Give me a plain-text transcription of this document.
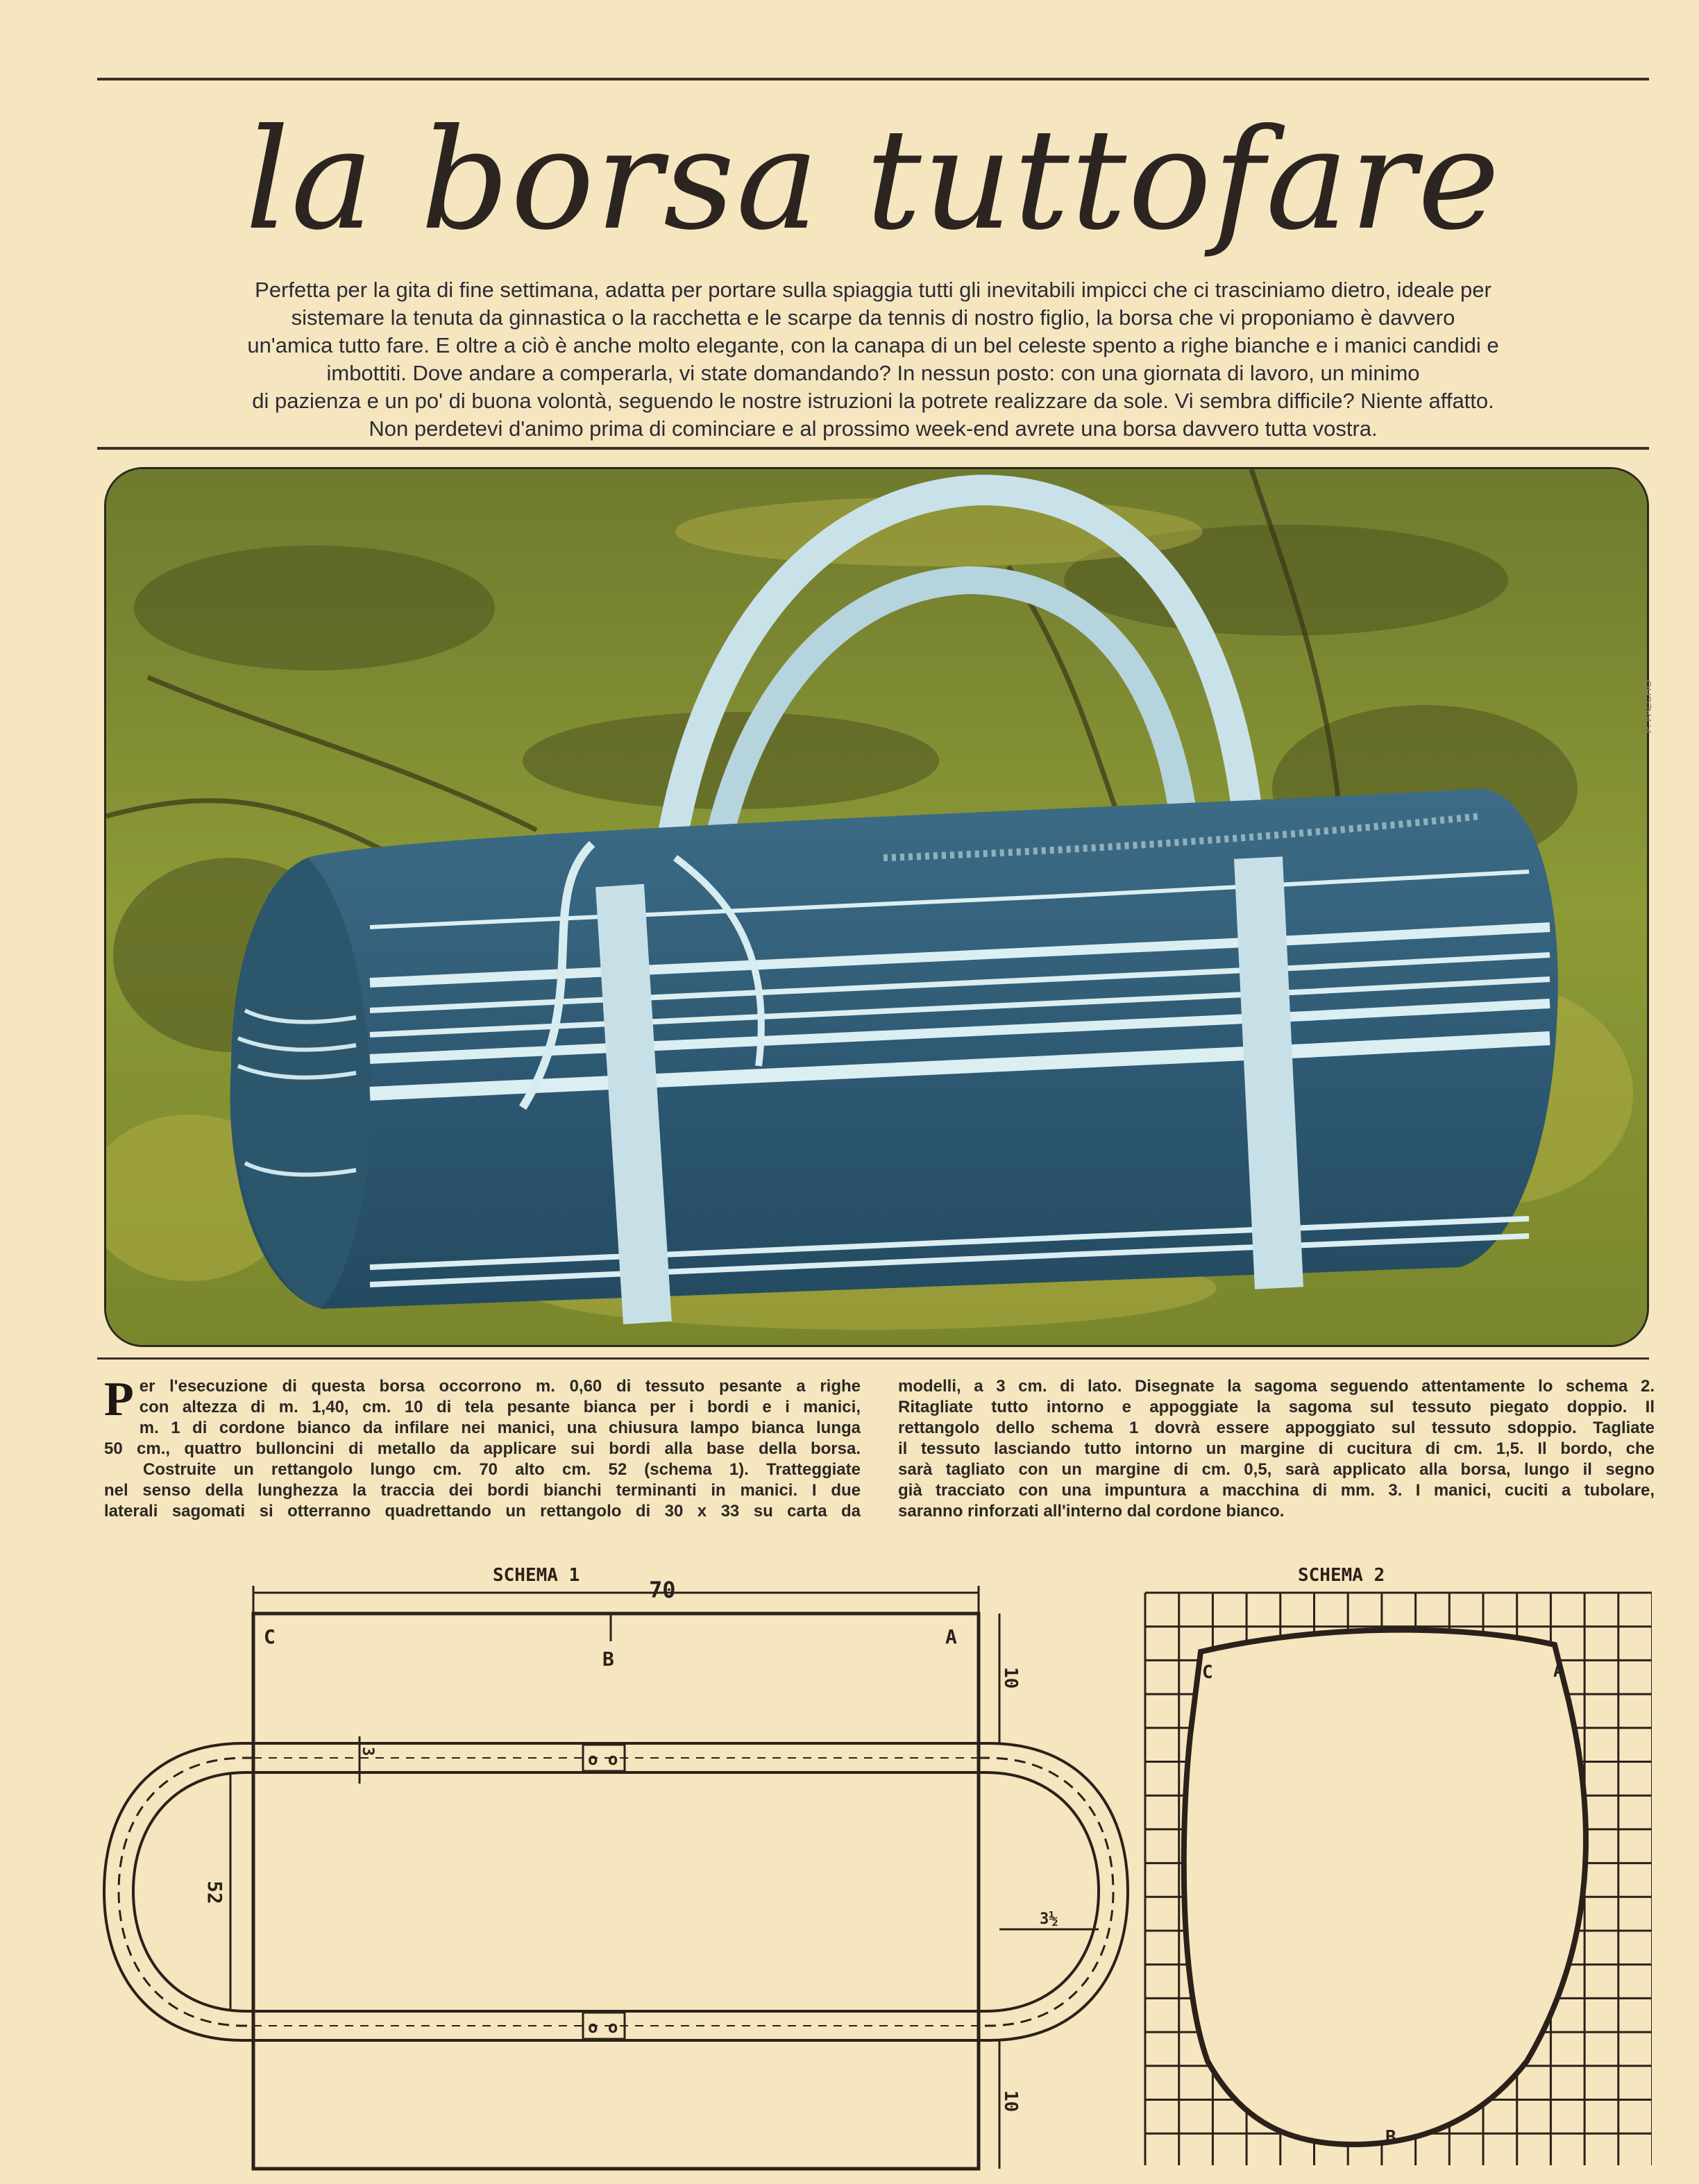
la borsa tuttofare
Perfetta per la gita di fine settimana, adatta per portare sulla spiaggia tutti gli inevitabili impicci che ci trasciniamo dietro, ideale per
sistemare la tenuta da ginnastica o la racchetta e le scarpe da tennis di nostro figlio, la borsa che vi proponiamo è davvero
un'amica tutto fare. E oltre a ciò è anche molto elegante, con la canapa di un bel celeste spento a righe bianche e i manici candidi e
imbottiti. Dove andare a comperarla, vi state domandando? In nessun posto: con una giornata di lavoro, un minimo
di pazienza e un po' di buona volontà, seguendo le nostre istruzioni la potrete realizzare da sole. Vi sembra difficile? Niente affatto.
Non perdetevi d'animo prima di cominciare e al prossimo week-end avrete una borsa davvero tutta vostra.
P. FALCHO
P er l'esecuzione di questa borsa occorrono m. 0,60 di tessuto pesante a righe
con altezza di m. 1,40, cm. 10 di tela pesante bianca per i bordi e i manici,
m. 1 di cordone bianco da infilare nei manici, una chiusura lampo bianca lunga
50 cm., quattro bulloncini di metallo da applicare sui bordi alla base della borsa.
Costruite un rettangolo lungo cm. 70 alto cm. 52 (schema 1). Tratteggiate
nel senso della lunghezza la traccia dei bordi bianchi terminanti in manici. I due
laterali sagomati si otterranno quadrettando un rettangolo di 30 x 33 su carta da
modelli, a 3 cm. di lato. Disegnate la sagoma seguendo attentamente lo schema 2.
Ritagliate tutto intorno e appoggiate la sagoma sul tessuto piegato doppio. Il
rettangolo dello schema 1 dovrà essere appoggiato sul tessuto sdoppio. Tagliate
il tessuto lasciando tutto intorno un margine di cucitura di cm. 1,5. Il bordo, che
sarà tagliato con un margine di cm. 0,5, sarà applicato alla borsa, lungo il segno
già tracciato con una impuntura a macchina di mm. 3. I manici, cuciti a tubolare,
saranno rinforzati all'interno dal cordone bianco.
SCHEMA 1
70
o o
o o
C	A
B
52
10
10
3
3½
SCHEMA 2
C	A
B
